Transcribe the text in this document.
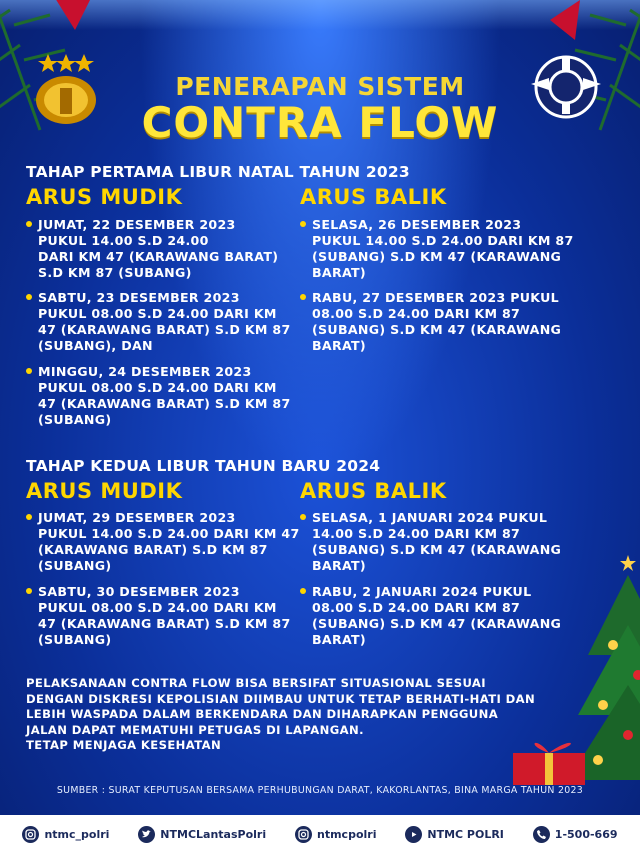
PENERAPAN SISTEM
CONTRA FLOW
TAHAP PERTAMA LIBUR NATAL TAHUN 2023
ARUS MUDIK	ARUS BALIK
JUMAT, 22 DESEMBER 2023
PUKUL 14.00 S.D 24.00
DARI KM 47 (KARAWANG BARAT)
S.D KM 87 (SUBANG)
SABTU, 23 DESEMBER 2023
PUKUL 08.00 S.D 24.00 DARI KM
47 (KARAWANG BARAT) S.D KM 87
(SUBANG), DAN
MINGGU, 24 DESEMBER 2023
PUKUL 08.00 S.D 24.00 DARI KM
47 (KARAWANG BARAT) S.D KM 87
(SUBANG)
SELASA, 26 DESEMBER 2023
PUKUL 14.00 S.D 24.00 DARI KM 87
(SUBANG) S.D KM 47 (KARAWANG
BARAT)
RABU, 27 DESEMBER 2023 PUKUL
08.00 S.D 24.00 DARI KM 87
(SUBANG) S.D KM 47 (KARAWANG
BARAT)
TAHAP KEDUA LIBUR TAHUN BARU 2024
ARUS MUDIK	ARUS BALIK
JUMAT, 29 DESEMBER 2023
PUKUL 14.00 S.D 24.00 DARI KM 47
(KARAWANG BARAT) S.D KM 87
(SUBANG)
SABTU, 30 DESEMBER 2023
PUKUL 08.00 S.D 24.00 DARI KM
47 (KARAWANG BARAT) S.D KM 87
(SUBANG)
SELASA, 1 JANUARI 2024 PUKUL
14.00 S.D 24.00 DARI KM 87
(SUBANG) S.D KM 47 (KARAWANG
BARAT)
RABU, 2 JANUARI 2024 PUKUL
08.00 S.D 24.00 DARI KM 87
(SUBANG) S.D KM 47 (KARAWANG
BARAT)
PELAKSANAAN CONTRA FLOW BISA BERSIFAT SITUASIONAL SESUAI
DENGAN DISKRESI KEPOLISIAN DIIMBAU UNTUK TETAP BERHATI-HATI DAN
LEBIH WASPADA DALAM BERKENDARA DAN DIHARAPKAN PENGGUNA
JALAN DAPAT MEMATUHI PETUGAS DI LAPANGAN.
TETAP MENJAGA KESEHATAN
SUMBER : SURAT KEPUTUSAN BERSAMA PERHUBUNGAN DARAT, KAKORLANTAS, BINA MARGA TAHUN 2023
ntmc_polri	NTMCLantasPolri	ntmcpolri	NTMC POLRI	1-500-669
